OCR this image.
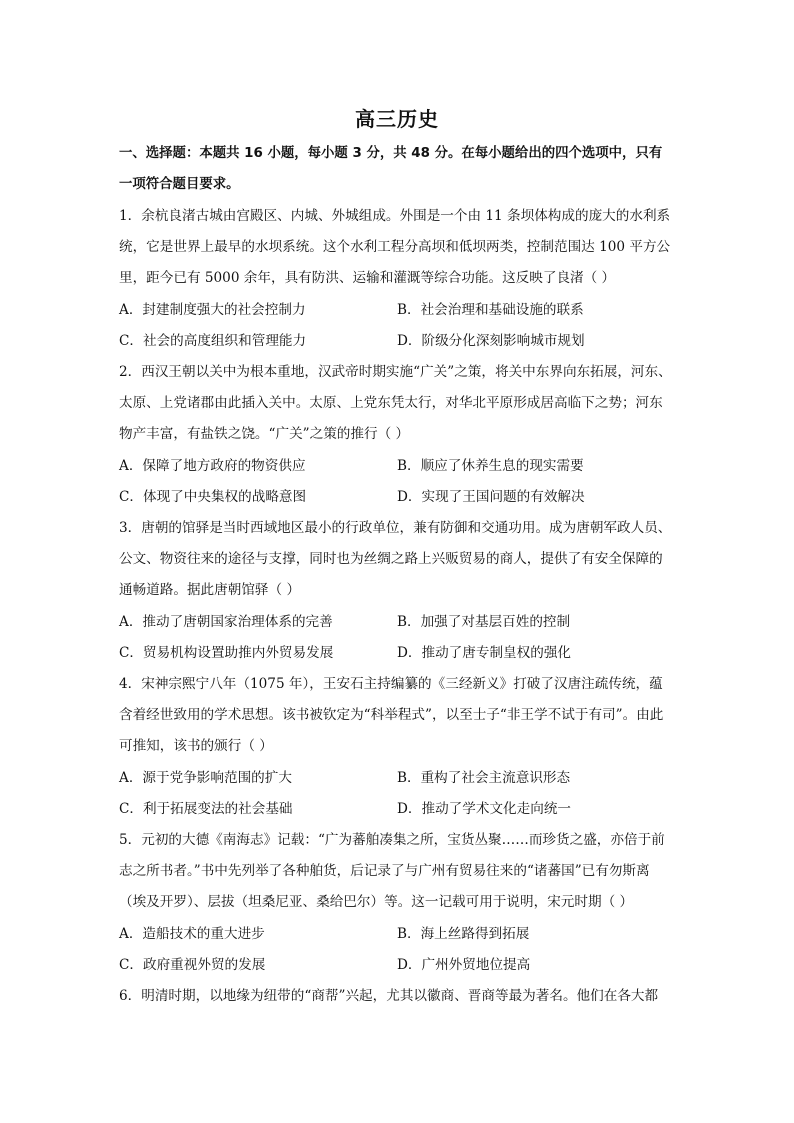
高三历史
一、选择题：本题共 16 小题，每小题 3 分，共 48 分。在每小题给出的四个选项中，只有
一项符合题目要求。
1．余杭良渚古城由宫殿区、内城、外城组成。外围是一个由 11 条坝体构成的庞大的水利系
统，它是世界上最早的水坝系统。这个水利工程分高坝和低坝两类，控制范围达 100 平方公
里，距今已有 5000 余年，具有防洪、运输和灌溉等综合功能。这反映了良渚（ ）
A．封建制度强大的社会控制力	B．社会治理和基础设施的联系
C．社会的高度组织和管理能力	D．阶级分化深刻影响城市规划
2．西汉王朝以关中为根本重地，汉武帝时期实施“广关”之策，将关中东界向东拓展，河东、
太原、上党诸郡由此插入关中。太原、上党东凭太行，对华北平原形成居高临下之势；河东
物产丰富，有盐铁之饶。“广关”之策的推行（ ）
A．保障了地方政府的物资供应	B．顺应了休养生息的现实需要
C．体现了中央集权的战略意图	D．实现了王国问题的有效解决
3．唐朝的馆驿是当时西域地区最小的行政单位，兼有防御和交通功用。成为唐朝军政人员、
公文、物资往来的途径与支撑，同时也为丝绸之路上兴贩贸易的商人，提供了有安全保障的
通畅道路。据此唐朝馆驿（ ）
A．推动了唐朝国家治理体系的完善	B．加强了对基层百姓的控制
C．贸易机构设置助推内外贸易发展	D．推动了唐专制皇权的强化
4．宋神宗熙宁八年（1075 年），王安石主持编纂的《三经新义》打破了汉唐注疏传统，蕴
含着经世致用的学术思想。该书被钦定为“科举程式”，以至士子“非王学不试于有司”。由此
可推知，该书的颁行（ ）
A．源于党争影响范围的扩大	B．重构了社会主流意识形态
C．利于拓展变法的社会基础	D．推动了学术文化走向统一
5．元初的大德《南海志》记载：“广为蕃舶凑集之所，宝货丛聚……而珍货之盛，亦倍于前
志之所书者。”书中先列举了各种舶货，后记录了与广州有贸易往来的“诸蕃国”已有勿斯离
（埃及开罗）、层拔（坦桑尼亚、桑给巴尔）等。这一记载可用于说明，宋元时期（ ）
A．造船技术的重大进步	B．海上丝路得到拓展
C．政府重视外贸的发展	D．广州外贸地位提高
6．明清时期，以地缘为纽带的“商帮”兴起，尤其以徽商、晋商等最为著名。他们在各大都
